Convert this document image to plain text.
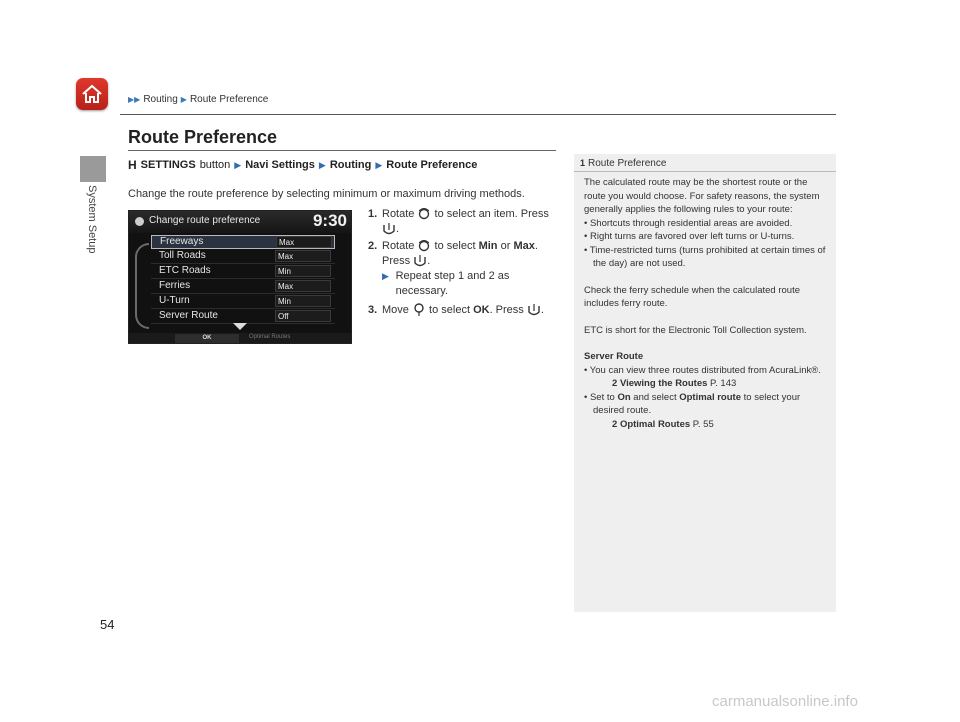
▶▶ Routing ▶ Route Preference
System Setup
Route Preference
H SETTINGS button ▶ Navi Settings ▶ Routing ▶ Route Preference
Change the route preference by selecting minimum or maximum driving methods.
Change route preference	9:30
Freeways	Max
Toll Roads	Max
ETC Roads	Min
Ferries	Max
U-Turn	Min
Server Route	Off
OK	Optimal Routes
1. Rotate to select an item. Press .
2. Rotate to select Min or Max.
Press .
▶ Repeat step 1 and 2 as necessary.
3. Move to select OK. Press .
1 Route Preference

The calculated route may be the shortest route or the route you would choose. For safety reasons, the system generally applies the following rules to your route:

• Shortcuts through residential areas are avoided.
• Right turns are favored over left turns or U-turns.
• Time-restricted turns (turns prohibited at certain times of the day) are not used.

Check the ferry schedule when the calculated route includes ferry route.

ETC is short for the Electronic Toll Collection system.

Server Route
• You can view three routes distributed from AcuraLink®.
2 Viewing the Routes P. 143
• Set to On and select Optimal route to select your desired route.
2 Optimal Routes P. 55
54
carmanualsonline.info
